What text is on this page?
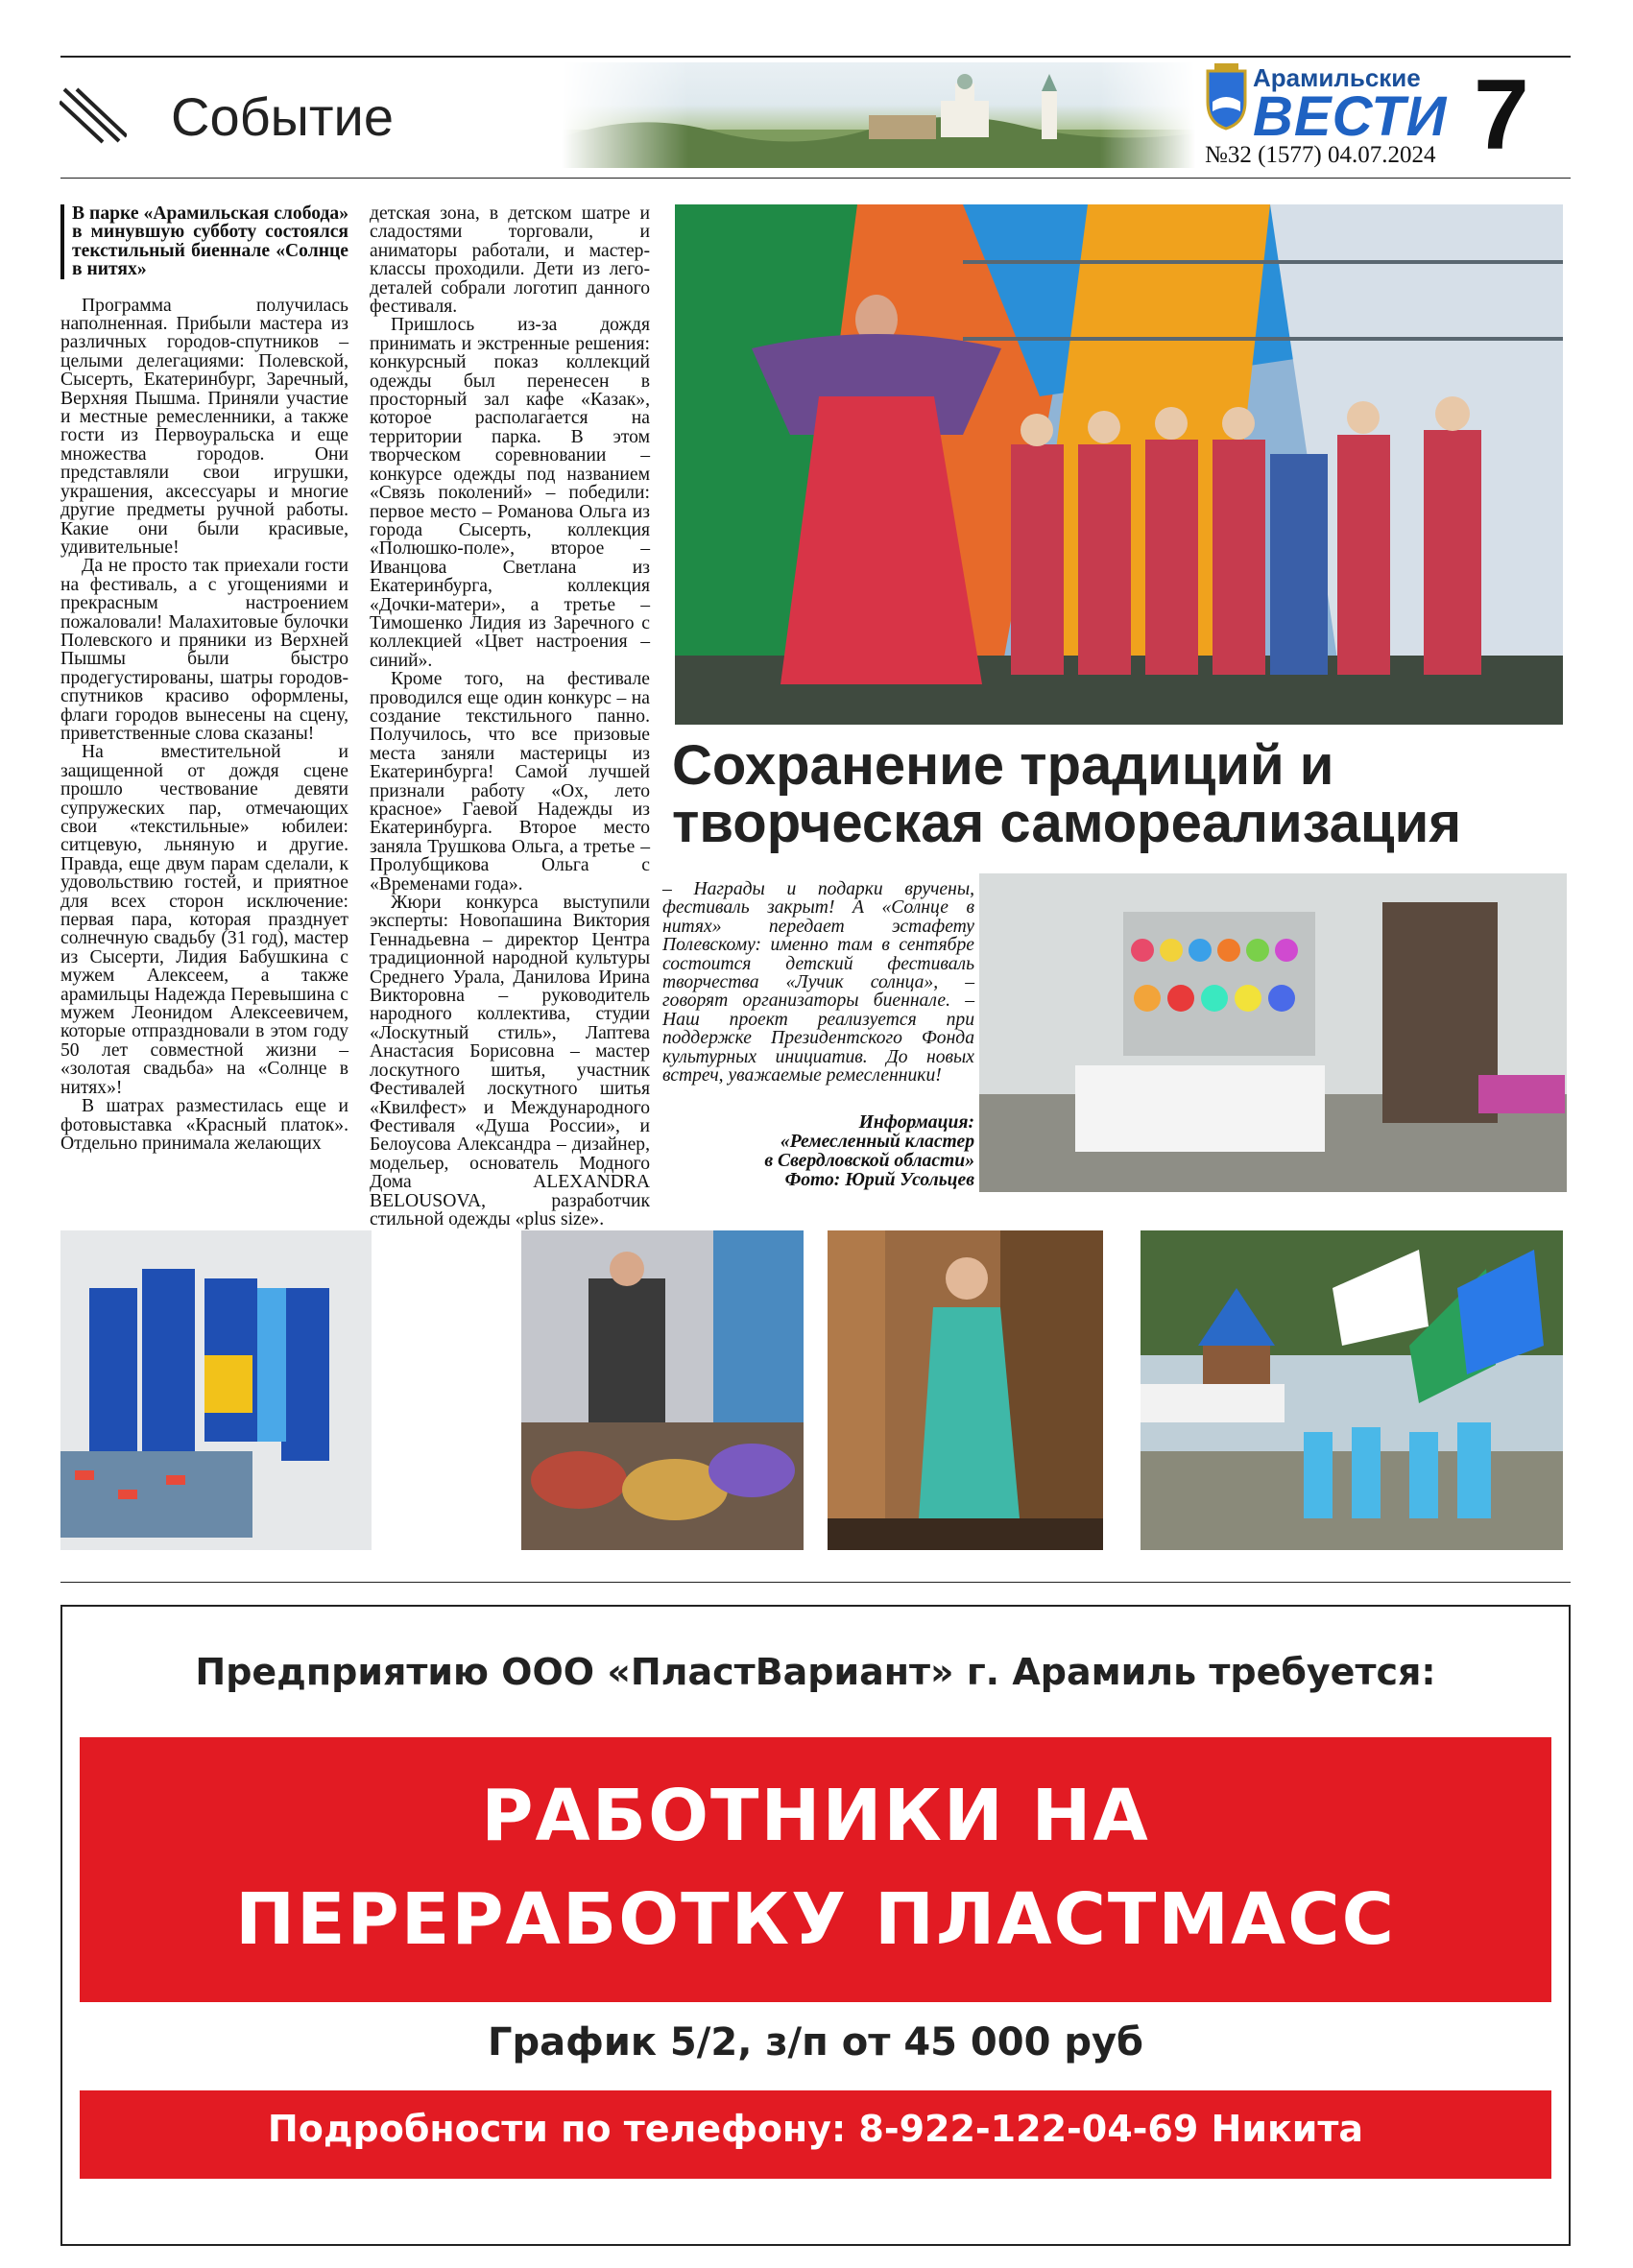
Событие
Арамильские
ВЕСТИ
№32 (1577) 04.07.2024 7

В парке «Арамильская слобода» в минувшую субботу состоялся текстильный биеннале «Солнце в нитях»

Программа получилась наполненная. Прибыли мастера из различных городов-спутников – целыми делегациями: Полевской, Сысерть, Екатеринбург, Заречный, Верхняя Пышма. Приняли участие и местные ремесленники, а также гости из Первоуральска и еще множества городов. Они представляли свои игрушки, украшения, аксессуары и многие другие предметы ручной работы. Какие они были красивые, удивительные!

Да не просто так приехали гости на фестиваль, а с угощениями и прекрасным настроением пожаловали! Малахитовые булочки Полевского и пряники из Верхней Пышмы были быстро продегустированы, шатры городов-спутников красиво оформлены, флаги городов вынесены на сцену, приветственные слова сказаны!

На вместительной и защищенной от дождя сцене прошло чествование девяти супружеских пар, отмечающих свои «текстильные» юбилеи: ситцевую, льняную и другие. Правда, еще двум парам сделали, к удовольствию гостей, и приятное для всех сторон исключение: первая пара, которая празднует солнечную свадьбу (31 год), мастер из Сысерти, Лидия Бабушкина с мужем Алексеем, а также арамильцы Надежда Перевышина с мужем Леонидом Алексеевичем, которые отпраздновали в этом году 50 лет совместной жизни – «золотая свадьба» на «Солнце в нитях»!

В шатрах разместилась еще и фотовыставка «Красный платок». Отдельно принимала желающих

детская зона, в детском шатре и сладостями торговали, и аниматоры работали, и мастер-классы проходили. Дети из лего-деталей собрали логотип данного фестиваля.

Пришлось из-за дождя принимать и экстренные решения: конкурсный показ коллекций одежды был перенесен в просторный зал кафе «Казак», которое располагается на территории парка. В этом творческом соревновании – конкурсе одежды под названием «Связь поколений» – победили: первое место – Романова Ольга из города Сысерть, коллекция «Полюшко-поле», второе – Иванцова Светлана из Екатеринбурга, коллекция «Дочки-матери», а третье –Тимошенко Лидия из Заречного с коллекцией «Цвет настроения – синий».

Кроме того, на фестивале проводился еще один конкурс – на создание текстильного панно. Получилось, что все призовые места заняли мастерицы из Екатеринбурга! Самой лучшей признали работу «Ох, лето красное» Гаевой Надежды из Екатеринбурга. Второе место заняла Трушкова Ольга, а третье – Пролубщикова Ольга с «Временами года».

Жюри конкурса выступили эксперты: Новопашина Виктория Геннадьевна – директор Центра традиционной народной культуры Среднего Урала, Данилова Ирина Викторовна – руководитель народного коллектива, студии «Лоскутный стиль», Лаптева Анастасия Борисовна – мастер лоскутного шитья, участник Фестивалей лоскутного шитья «Квилфест» и Международного Фестиваля «Душа России», и Белоусова Александра – дизайнер, модельер, основатель Модного Дома ALEXANDRA BELOUSOVA, разработчик стильной одежды «plus size».

Сохранение традиций и творческая самореализация
– Награды и подарки вручены, фестиваль закрыт! А «Солнце в нитях» передает эстафету Полевскому: именно там в сентябре состоится детский фестиваль творчества «Лучик солнца», – говорят организаторы биеннале. – Наш проект реализуется при поддержке Президентского Фонда культурных инициатив. До новых встреч, уважаемые ремесленники!
Информация:
«Ремесленный кластер
в Свердловской области»
Фото: Юрий Усольцев
Предприятию ООО «ПластВариант» г. Арамиль требуется:
РАБОТНИКИ НА
ПЕРЕРАБОТКУ ПЛАСТМАСС
График 5/2, з/п от 45 000 руб
Подробности по телефону: 8-922-122-04-69 Никита
